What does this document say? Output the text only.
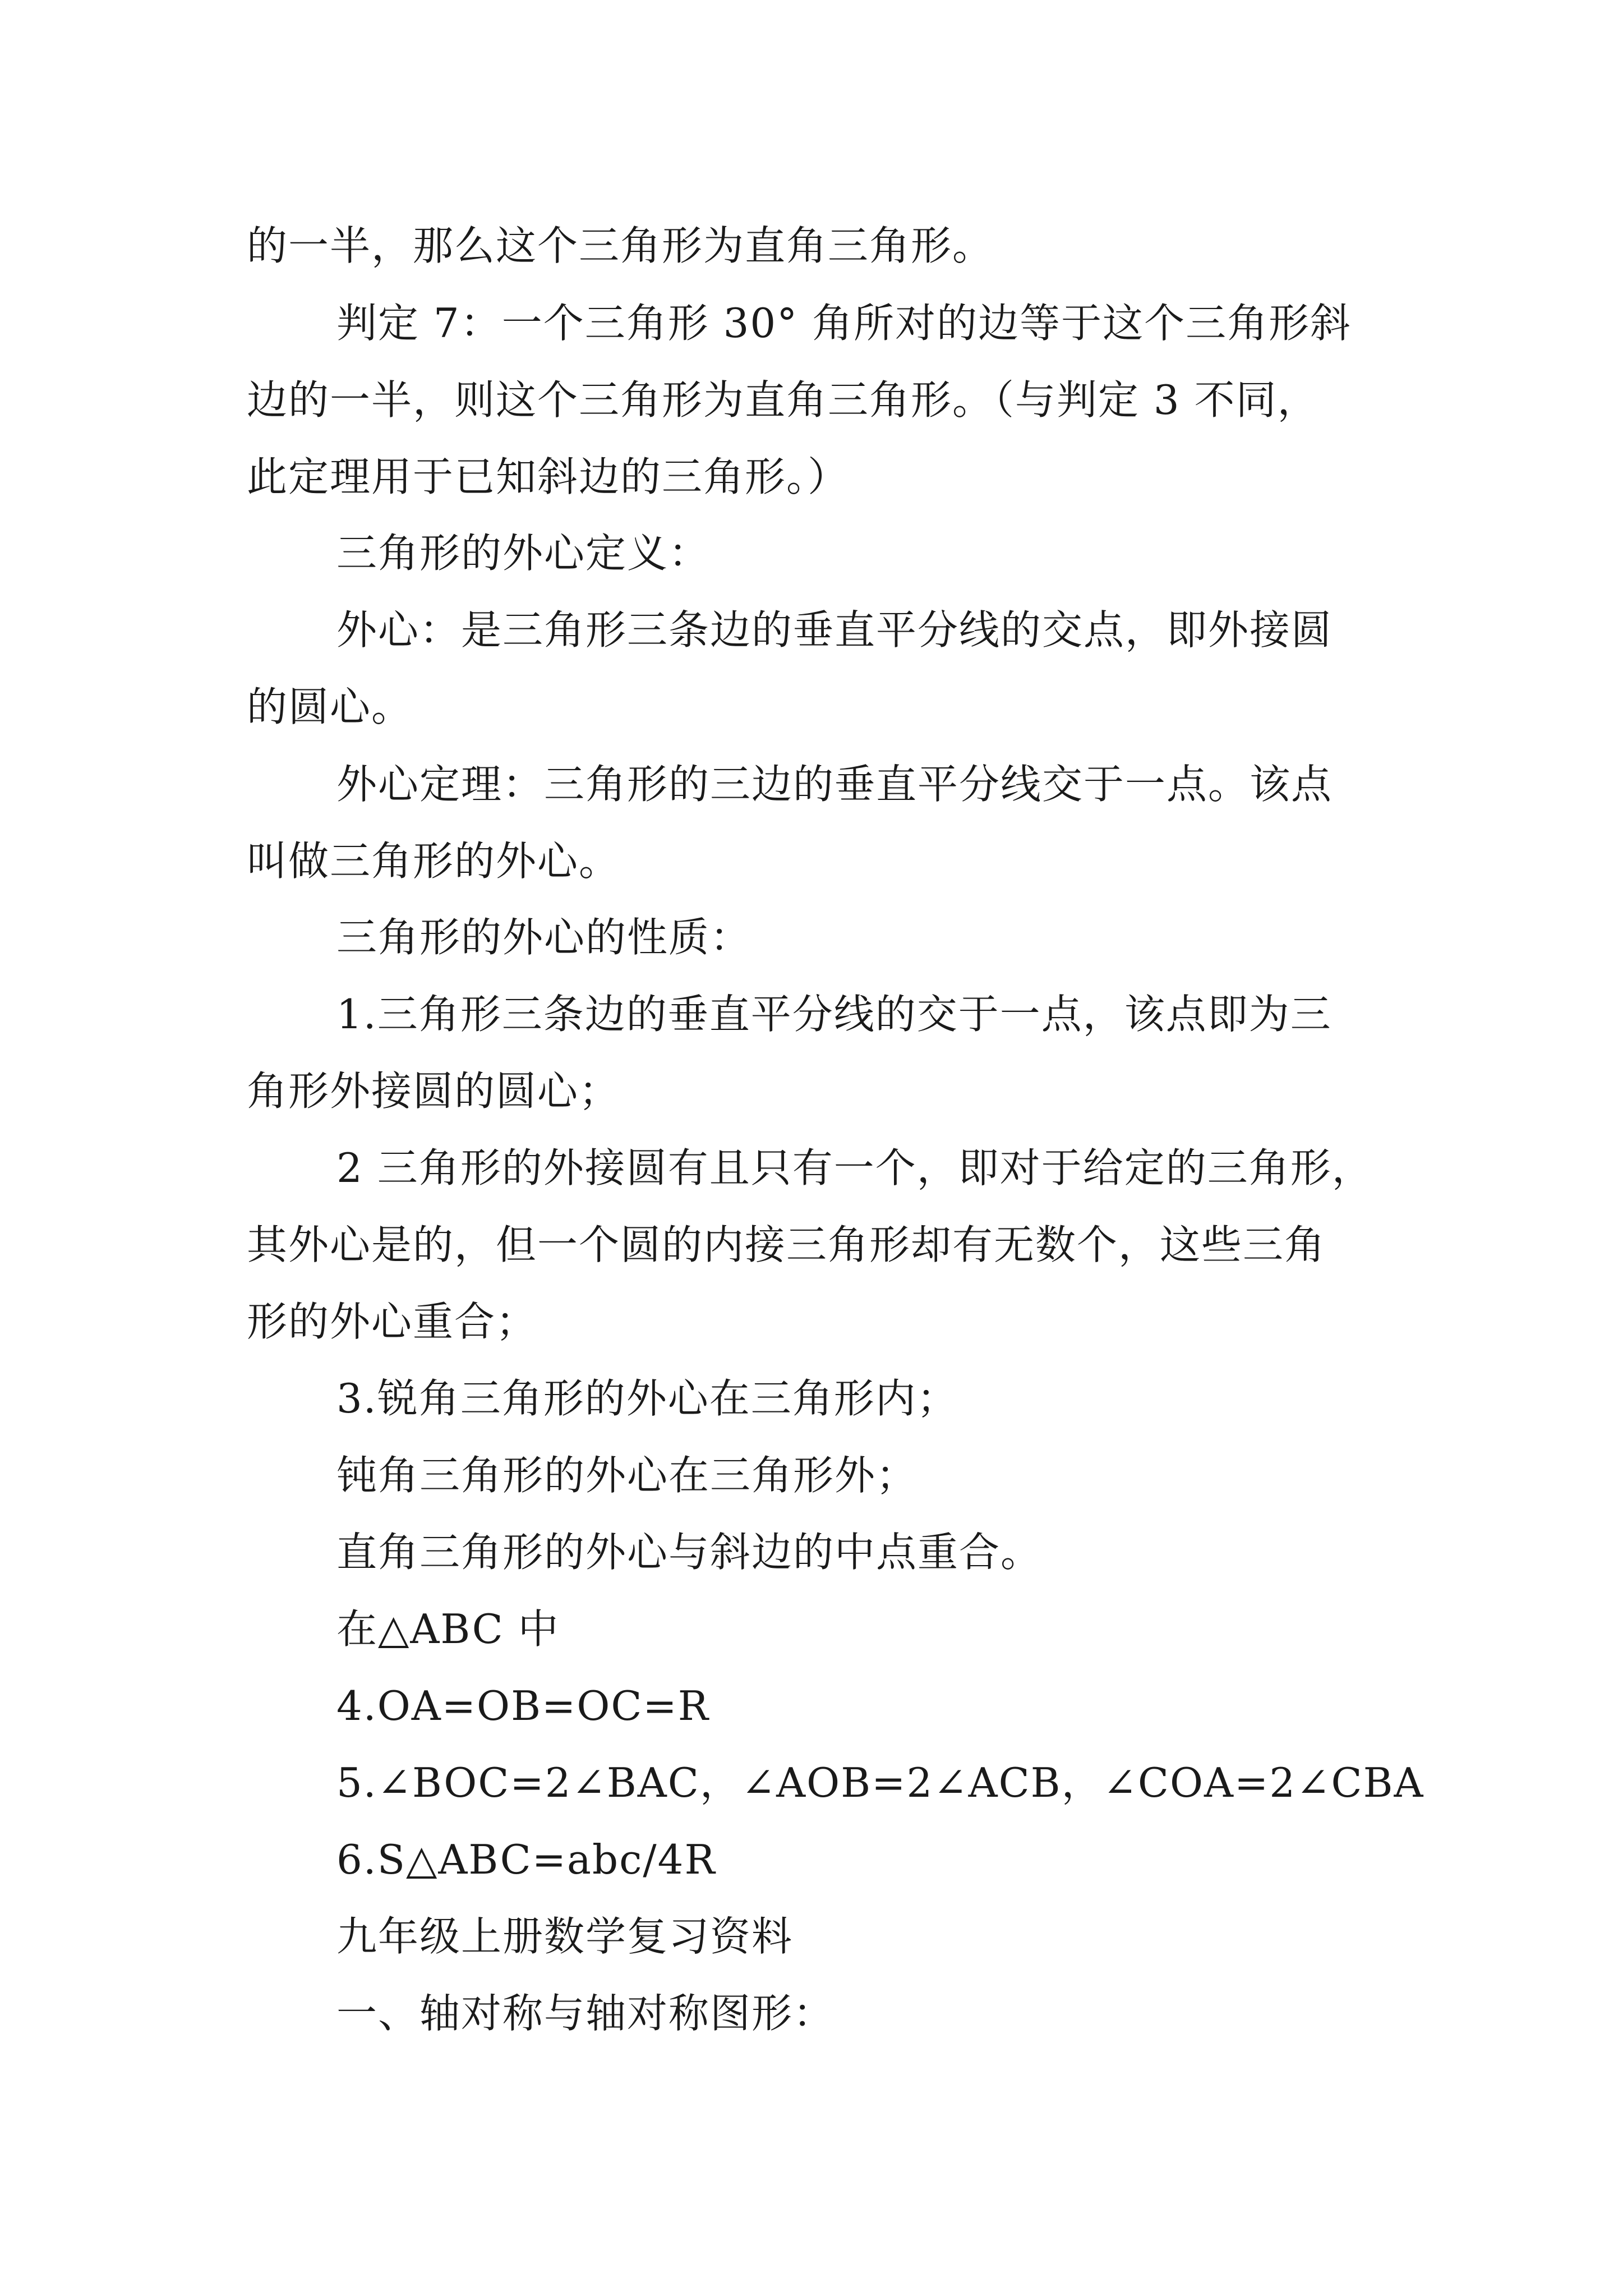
的一半，那么这个三角形为直角三角形。
判定 7：一个三角形 30° 角所对的边等于这个三角形斜
边的一半，则这个三角形为直角三角形。（与判定 3 不同，
此定理用于已知斜边的三角形。）
三角形的外心定义：
外心：是三角形三条边的垂直平分线的交点，即外接圆
的圆心。
外心定理：三角形的三边的垂直平分线交于一点。该点
叫做三角形的外心。
三角形的外心的性质：
1.三角形三条边的垂直平分线的交于一点，该点即为三
角形外接圆的圆心；
2 三角形的外接圆有且只有一个，即对于给定的三角形，
其外心是的，但一个圆的内接三角形却有无数个，这些三角
形的外心重合；
3.锐角三角形的外心在三角形内；
钝角三角形的外心在三角形外；
直角三角形的外心与斜边的中点重合。
在△ABC 中
4.OA=OB=OC=R
5.∠BOC=2∠BAC，∠AOB=2∠ACB，∠COA=2∠CBA
6.S△ABC=abc/4R
九年级上册数学复习资料
一、轴对称与轴对称图形：
